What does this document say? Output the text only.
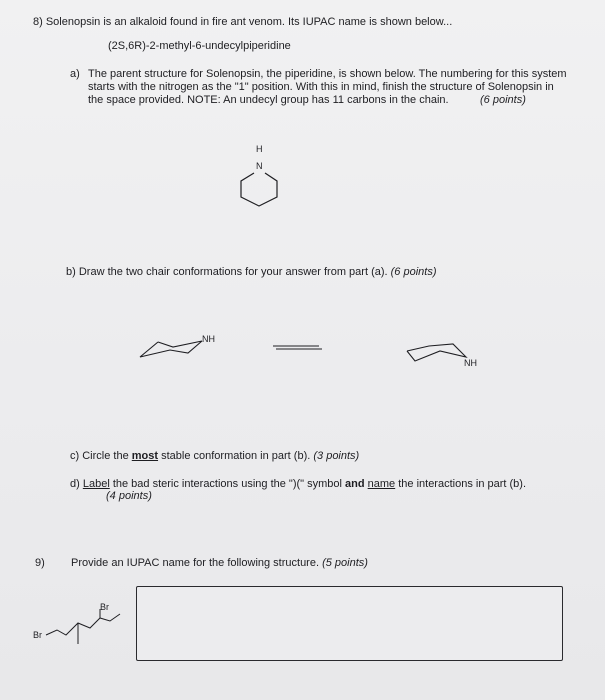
8) Solenopsin is an alkaloid found in fire ant venom. Its IUPAC name is shown below...
(2S,6R)-2-methyl-6-undecylpiperidine
a) The parent structure for Solenopsin, the piperidine, is shown below. The numbering for this system
starts with the nitrogen as the "1" position. With this in mind, finish the structure of Solenopsin in
the space provided. NOTE: An undecyl group has 11 carbons in the chain.	(6 points)
H
N
b) Draw the two chair conformations for your answer from part (a). (6 points)
NH
NH
c) Circle the most stable conformation in part (b). (3 points)
d) Label the bad steric interactions using the ")(" symbol and name the interactions in part (b).
(4 points)
9) Provide an IUPAC name for the following structure. (5 points)
Br
Br
